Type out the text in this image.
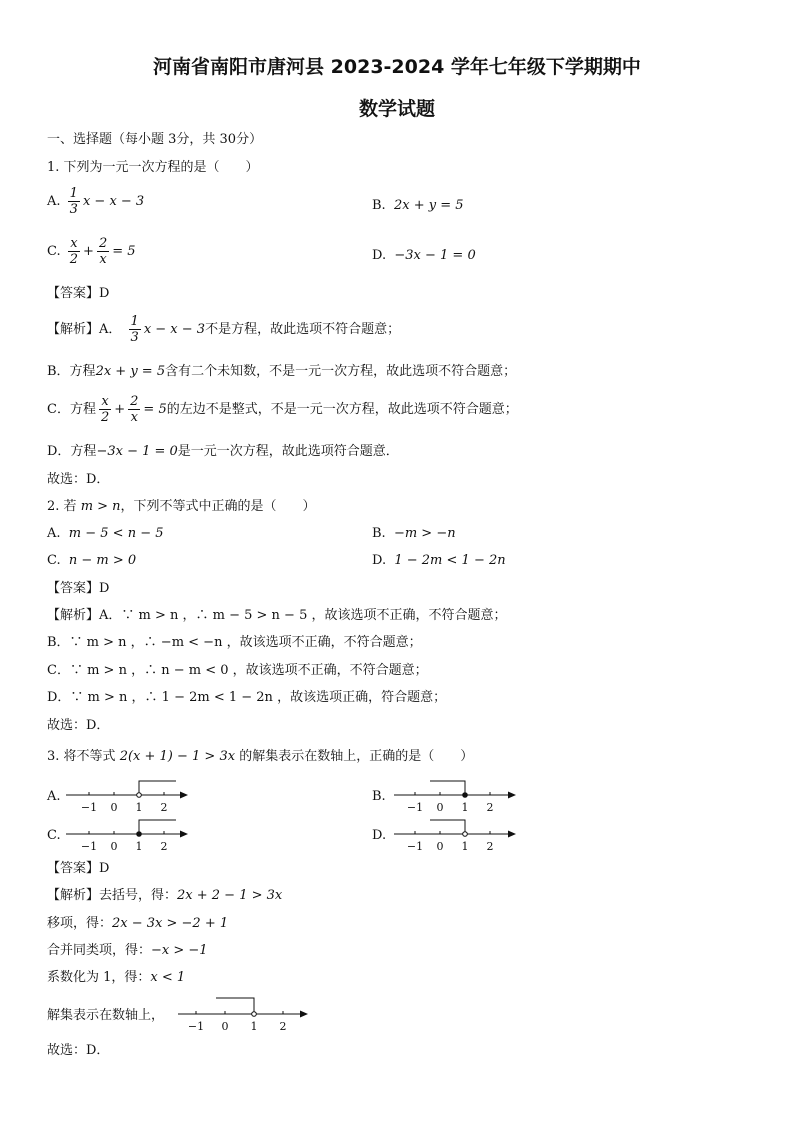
河南省南阳市唐河县 2023-2024 学年七年级下学期期中
数学试题
一、选择题（每小题 3分，共 30分）
1. 下列为一元一次方程的是（　　）
A. $\frac{1}{3}$ x − x − 3	B. 2x + y = 5
C. $\frac{x}{2} + \frac{2}{x} = 5$	D. −3x − 1 = 0
【答案】D
【解析】A． $\frac{1}{3}$ x − x − 3不是方程，故此选项不符合题意；
B．方程2x + y = 5含有二个未知数，不是一元一次方程，故此选项不符合题意；
C．方程 $\frac{x}{2} + \frac{2}{x} = 5$的左边不是整式，不是一元一次方程，故此选项不符合题意；
D．方程−3x − 1 = 0是一元一次方程，故此选项符合题意．
故选：D．
2. 若 m > n，下列不等式中正确的是（　　）
A. m − 5 < n − 5	B. −m > −n
C. n − m > 0	D. 1 − 2m < 1 − 2n
【答案】D
【解析】A．∵ m > n ，∴ m − 5 > n − 5 ，故该选项不正确，不符合题意；
B．∵ m > n ，∴ −m < −n ，故该选项不正确，不符合题意；
C．∵ m > n ，∴ n − m < 0 ，故该选项不正确，不符合题意；
D．∵ m > n ，∴ 1 − 2m < 1 − 2n ，故该选项正确，符合题意；
故选：D．
3. 将不等式 2(x + 1) − 1 > 3x 的解集表示在数轴上，正确的是（　　）
A.
−1 0 1 2
B.
−1 0 1 2
C.
−1 0 1 2
D.
−1 0 1 2
【答案】D
【解析】去括号，得：2x + 2 − 1 > 3x
移项，得：2x − 3x > −2 + 1
合并同类项，得：−x > −1
系数化为 1，得：x < 1
解集表示在数轴上，
−1 0 1 2
故选：D．
